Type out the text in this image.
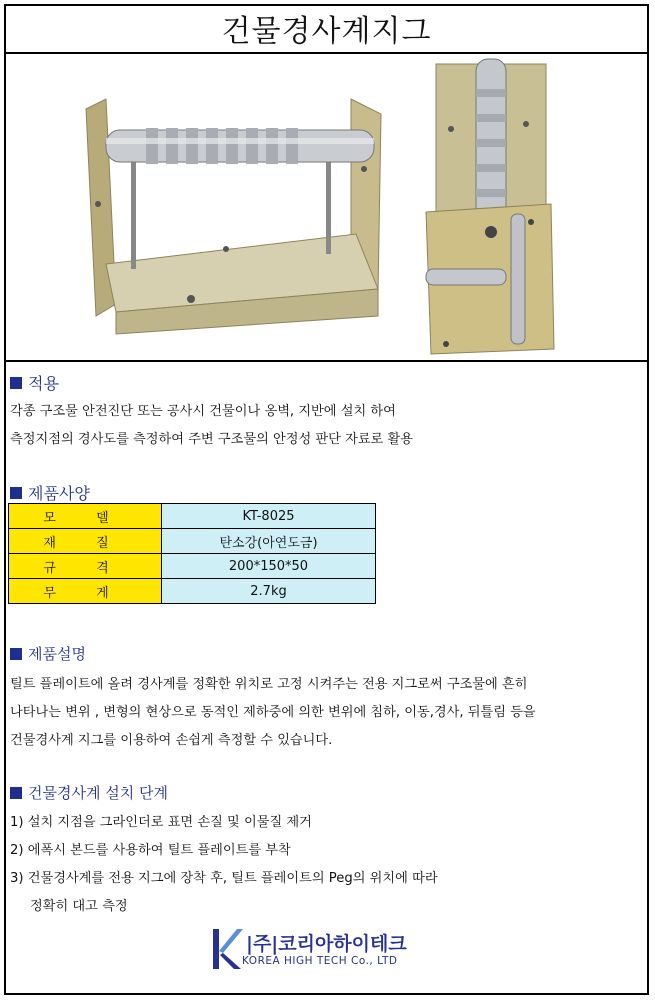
건물경사계지그
적용
각종 구조물 안전진단 또는 공사시 건물이나 옹벽, 지반에 설치 하여
측정지점의 경사도를 측정하여 주변 구조물의 안정성 판단 자료로 활용
제품사양
모 델	KT-8025
재 질	탄소강(아연도금)
규 격	200*150*50
무 게	2.7kg
제품설명
틸트 플레이트에 올려 경사계를 정확한 위치로 고정 시켜주는 전용 지그로써 구조물에 흔히
나타나는 변위 , 변형의 현상으로 동적인 제하중에 의한 변위에 침하, 이동,경사, 뒤틀림 등을
건물경사계 지그를 이용하여 손쉽게 측정할 수 있습니다.
건물경사계 설치 단계
1) 설치 지점을 그라인더로 표면 손질 및 이물질 제거
2) 에폭시 본드를 사용하여 틸트 플레이트를 부착
3) 건물경사계를 전용 지그에 장착 후, 틸트 플레이트의 Peg의 위치에 따라
정확히 대고 측정
|주|코리아하이테크
KOREA HIGH TECH Co., LTD
